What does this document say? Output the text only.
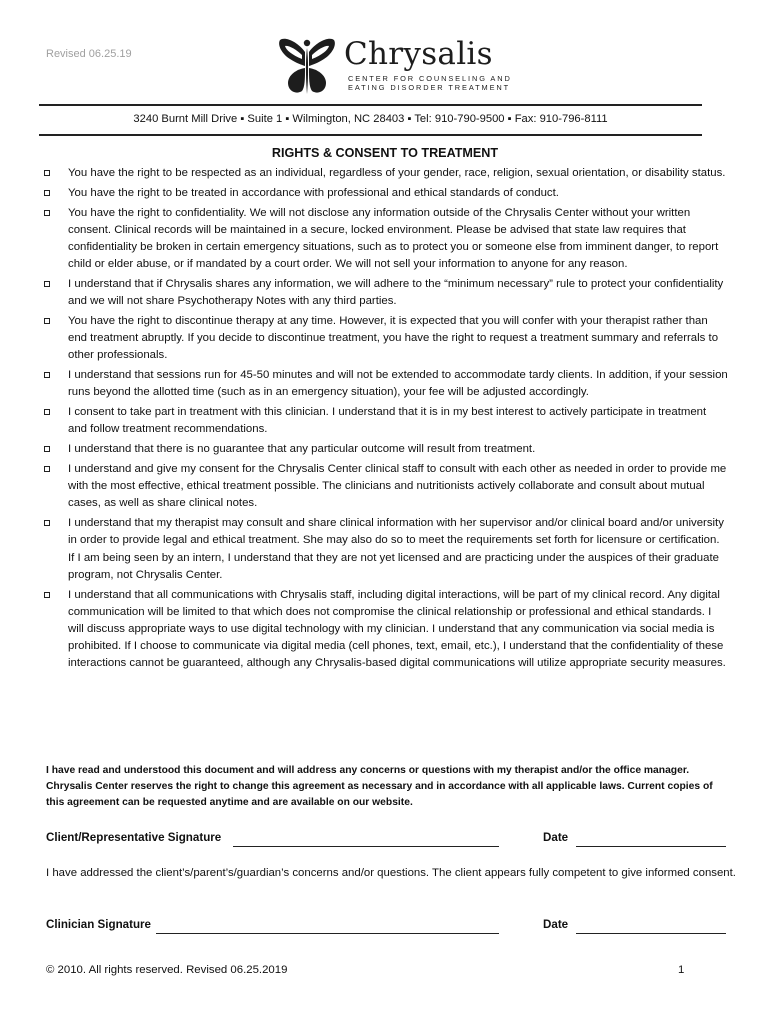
Revised 06.25.19	Chrysalis
CENTER FOR COUNSELING AND
EATING DISORDER TREATMENT
3240 Burnt Mill Drive ▪ Suite 1 ▪ Wilmington, NC 28403 ▪ Tel: 910-790-9500 ▪ Fax: 910-796-8111
RIGHTS & CONSENT TO TREATMENT
You have the right to be respected as an individual, regardless of your gender, race, religion, sexual orientation, or disability status.
You have the right to be treated in accordance with professional and ethical standards of conduct.
You have the right to confidentiality. We will not disclose any information outside of the Chrysalis Center without your written consent. Clinical records will be maintained in a secure, locked environment. Please be advised that state law requires that confidentiality be broken in certain emergency situations, such as to protect you or someone else from imminent danger, to report child or elder abuse, or if mandated by a court order. We will not sell your information to anyone for any reason.
I understand that if Chrysalis shares any information, we will adhere to the “minimum necessary” rule to protect your confidentiality and we will not share Psychotherapy Notes with any third parties.
You have the right to discontinue therapy at any time. However, it is expected that you will confer with your therapist rather than end treatment abruptly. If you decide to discontinue treatment, you have the right to request a treatment summary and referrals to other professionals.
I understand that sessions run for 45-50 minutes and will not be extended to accommodate tardy clients. In addition, if your session runs beyond the allotted time (such as in an emergency situation), your fee will be adjusted accordingly.
I consent to take part in treatment with this clinician. I understand that it is in my best interest to actively participate in treatment and follow treatment recommendations.
I understand that there is no guarantee that any particular outcome will result from treatment.
I understand and give my consent for the Chrysalis Center clinical staff to consult with each other as needed in order to provide me with the most effective, ethical treatment possible. The clinicians and nutritionists actively collaborate and consult about mutual cases, as well as share clinical notes.
I understand that my therapist may consult and share clinical information with her supervisor and/or clinical board and/or university in order to provide legal and ethical treatment. She may also do so to meet the requirements set forth for licensure or certification. If I am being seen by an intern, I understand that they are not yet licensed and are practicing under the auspices of their graduate program, not Chrysalis Center.
I understand that all communications with Chrysalis staff, including digital interactions, will be part of my clinical record. Any digital communication will be limited to that which does not compromise the clinical relationship or professional and ethical standards. I will discuss appropriate ways to use digital technology with my clinician. I understand that any communication via social media is prohibited. If I choose to communicate via digital media (cell phones, text, email, etc.), I understand that the confidentiality of these interactions cannot be guaranteed, although any Chrysalis-based digital communications will utilize appropriate security measures.
I have read and understood this document and will address any concerns or questions with my therapist and/or the office manager. Chrysalis Center reserves the right to change this agreement as necessary and in accordance with all applicable laws. Current copies of this agreement can be requested anytime and are available on our website.
Client/Representative Signature	Date
I have addressed the client’s/parent’s/guardian’s concerns and/or questions. The client appears fully competent to give informed consent.
Clinician Signature	Date
© 2010. All rights reserved. Revised 06.25.2019	1
